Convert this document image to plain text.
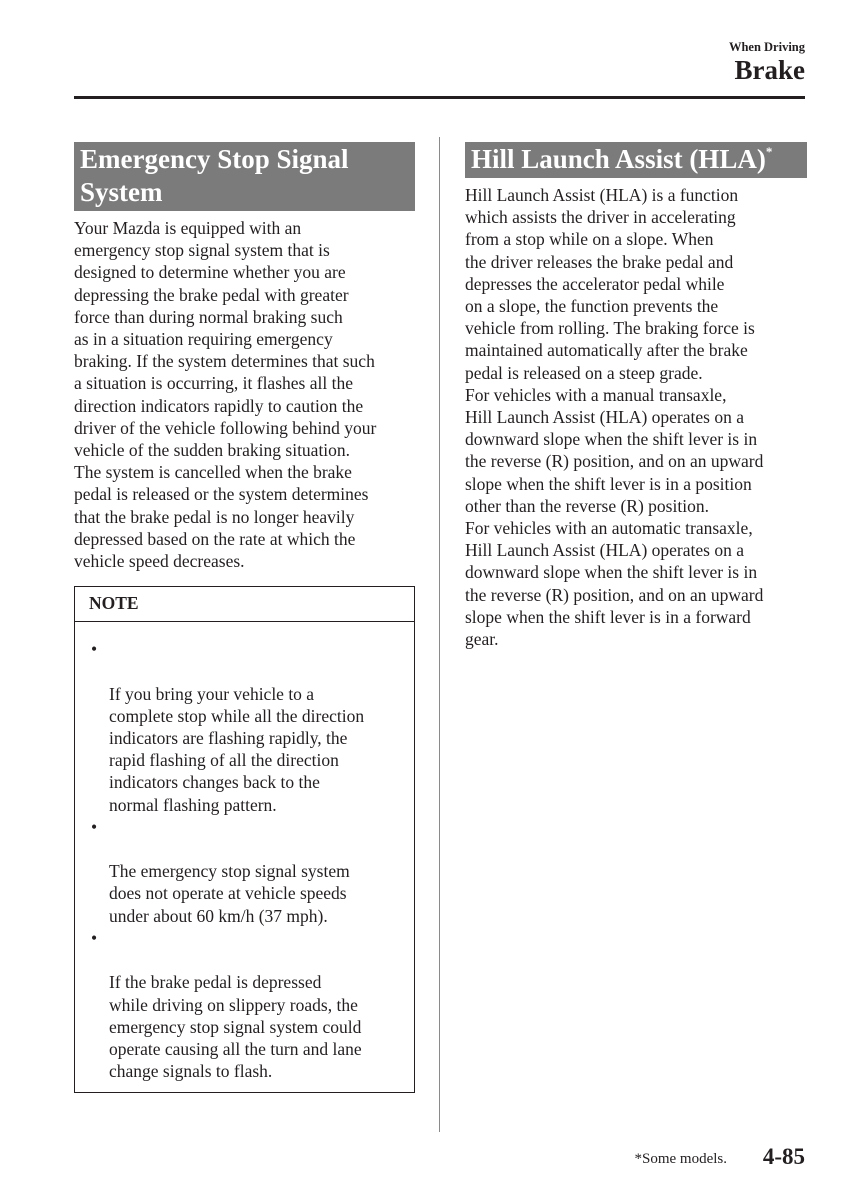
When Driving
Brake
Emergency Stop Signal System

Your Mazda is equipped with an
emergency stop signal system that is
designed to determine whether you are
depressing the brake pedal with greater
force than during normal braking such
as in a situation requiring emergency
braking. If the system determines that such
a situation is occurring, it flashes all the
direction indicators rapidly to caution the
driver of the vehicle following behind your
vehicle of the sudden braking situation.
The system is cancelled when the brake
pedal is released or the system determines
that the brake pedal is no longer heavily
depressed based on the rate at which the
vehicle speed decreases.

NOTE

•

If you bring your vehicle to a
complete stop while all the direction
indicators are flashing rapidly, the
rapid flashing of all the direction
indicators changes back to the
normal flashing pattern.

•

The emergency stop signal system
does not operate at vehicle speeds
under about 60 km/h (37 mph).

•

If the brake pedal is depressed
while driving on slippery roads, the
emergency stop signal system could
operate causing all the turn and lane
change signals to flash.

Hill Launch Assist (HLA)*

Hill Launch Assist (HLA) is a function
which assists the driver in accelerating
from a stop while on a slope. When
the driver releases the brake pedal and
depresses the accelerator pedal while
on a slope, the function prevents the
vehicle from rolling. The braking force is
maintained automatically after the brake
pedal is released on a steep grade.
For vehicles with a manual transaxle,
Hill Launch Assist (HLA) operates on a
downward slope when the shift lever is in
the reverse (R) position, and on an upward
slope when the shift lever is in a position
other than the reverse (R) position.
For vehicles with an automatic transaxle,
Hill Launch Assist (HLA) operates on a
downward slope when the shift lever is in
the reverse (R) position, and on an upward
slope when the shift lever is in a forward
gear.

*Some models. 4-85
